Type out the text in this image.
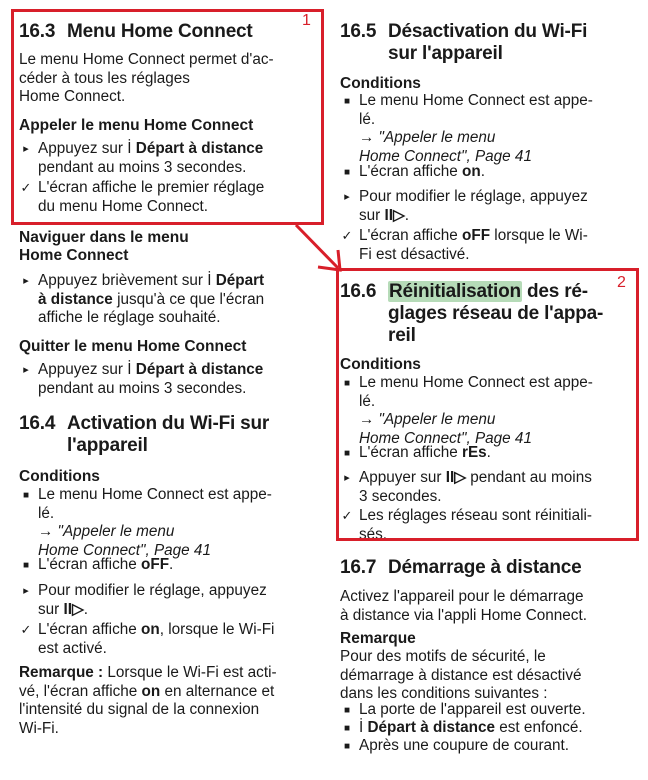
16.3 Menu Home Connect
Le menu Home Connect permet d'ac-
céder à tous les réglages
Home Connect.
Appeler le menu Home Connect
▸ Appuyez sur İ Départ à distance
pendant au moins 3 secondes.
✓ L'écran affiche le premier réglage
du menu Home Connect.
Naviguer dans le menu
Home Connect
▸ Appuyez brièvement sur İ Départ
à distance jusqu'à ce que l'écran
affiche le réglage souhaité.
Quitter le menu Home Connect
▸ Appuyez sur İ Départ à distance
pendant au moins 3 secondes.
16.4 Activation du Wi-Fi sur
l'appareil
Conditions
■ Le menu Home Connect est appe-
lé.
→ "Appeler le menu
Home Connect", Page 41
■ L'écran affiche oFF.
▸ Pour modifier le réglage, appuyez
sur II▷.
✓ L'écran affiche on, lorsque le Wi-Fi
est activé.
Remarque : Lorsque le Wi-Fi est acti-
vé, l'écran affiche on en alternance et
l'intensité du signal de la connexion
Wi-Fi.
16.5 Désactivation du Wi-Fi
sur l'appareil
Conditions
■ Le menu Home Connect est appe-
lé.
→ "Appeler le menu
Home Connect", Page 41
■ L'écran affiche on.
▸ Pour modifier le réglage, appuyez
sur II▷.
✓ L'écran affiche oFF lorsque le Wi-
Fi est désactivé.
16.6 Réinitialisation des ré-
glages réseau de l'appa-
reil
Conditions
■ Le menu Home Connect est appe-
lé.
→ "Appeler le menu
Home Connect", Page 41
■ L'écran affiche rEs.
▸ Appuyer sur II▷ pendant au moins
3 secondes.
✓ Les réglages réseau sont réinitiali-
sés.
16.7 Démarrage à distance
Activez l'appareil pour le démarrage
à distance via l'appli Home Connect.
Remarque
Pour des motifs de sécurité, le
démarrage à distance est désactivé
dans les conditions suivantes :
■ La porte de l'appareil est ouverte.
■ İ Départ à distance est enfoncé.
■ Après une coupure de courant.
1
2
